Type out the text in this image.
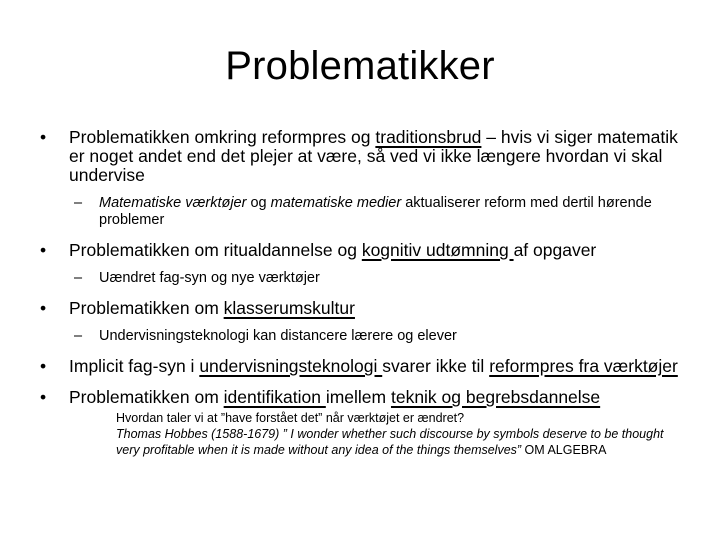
Problematikker
• Problematikken omkring reformpres og traditionsbrud – hvis vi siger matematik er noget andet end det plejer at være, så ved vi ikke længere hvordan vi skal undervise
– Matematiske værktøjer og matematiske medier aktualiserer reform med dertil hørende problemer
• Problematikken om ritualdannelse og kognitiv udtømning af opgaver
– Uændret fag-syn og nye værktøjer
• Problematikken om klasserumskultur
– Undervisningsteknologi kan distancere lærere og elever
• Implicit fag-syn i undervisningsteknologi svarer ikke til reformpres fra værktøjer
• Problematikken om identifikation imellem teknik og begrebsdannelse
Hvordan taler vi at ”have forstået det” når værktøjet er ændret?
Thomas Hobbes (1588-1679) ” I wonder whether such discourse by symbols deserve to be thought very profitable when it is made without any idea of the things themselves” OM ALGEBRA
